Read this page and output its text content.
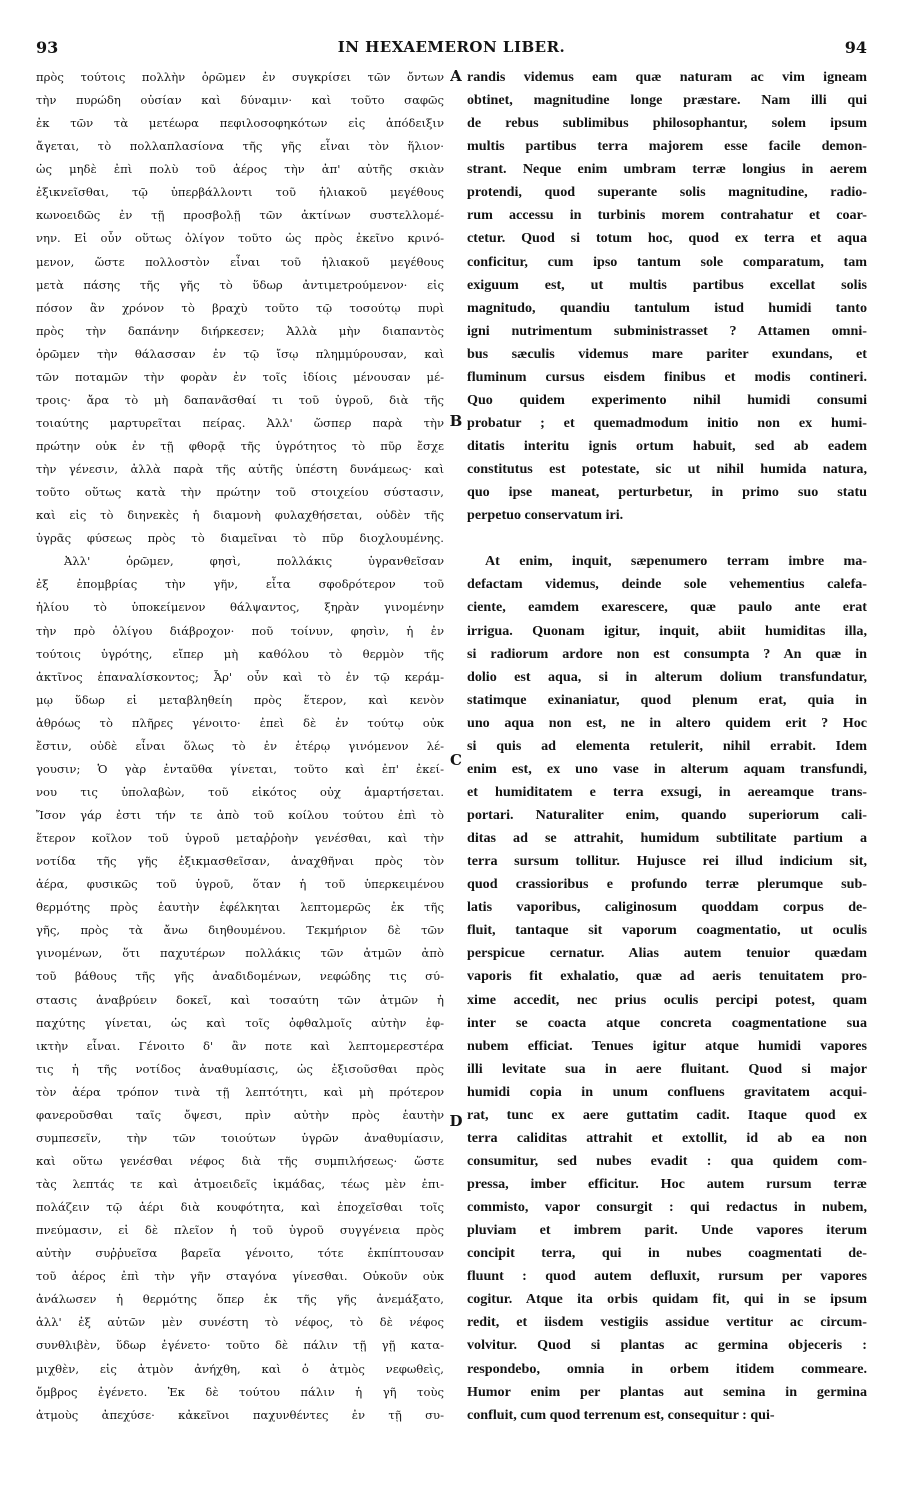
93	IN HEXAEMERON LIBER.	94
πρὸς τούτοις πολλὴν ὁρῶμεν ἐν συγκρίσει τῶν ὄντων
τὴν πυρώδη οὐσίαν καὶ δύναμιν· καὶ τοῦτο σαφῶς
ἐκ τῶν τὰ μετέωρα πεφιλοσοφηκότων εἰς ἀπόδειξιν
ἄγεται, τὸ πολλαπλασίονα τῆς γῆς εἶναι τὸν ἥλιον·
ὡς μηδὲ ἐπὶ πολὺ τοῦ ἀέρος τὴν ἀπ' αὐτῆς σκιὰν
ἐξικνεῖσθαι, τῷ ὑπερβάλλοντι τοῦ ἡλιακοῦ μεγέθους
κωνοειδῶς ἐν τῇ προσβολῇ τῶν ἀκτίνων συστελλομέ-
νην. Εἰ οὖν οὕτως ὀλίγον τοῦτο ὡς πρὸς ἐκεῖνο κρινό-
μενον, ὥστε πολλοστὸν εἶναι τοῦ ἡλιακοῦ μεγέθους
μετὰ πάσης τῆς γῆς τὸ ὕδωρ ἀντιμετρούμενον· εἰς
πόσον ἂν χρόνον τὸ βραχὺ τοῦτο τῷ τοσούτῳ πυρὶ
πρὸς τὴν δαπάνην διήρκεσεν; Ἀλλὰ μὴν διαπαντὸς
ὁρῶμεν τὴν θάλασσαν ἐν τῷ ἴσῳ πλημμύρουσαν, καὶ
τῶν ποταμῶν τὴν φορὰν ἐν τοῖς ἰδίοις μένουσαν μέ-
τροις· ἄρα τὸ μὴ δαπανᾶσθαί τι τοῦ ὑγροῦ, διὰ τῆς
τοιαύτης μαρτυρεῖται πείρας. Ἀλλ' ὥσπερ παρὰ τὴν
πρώτην οὐκ ἐν τῇ φθορᾷ τῆς ὑγρότητος τὸ πῦρ ἔσχε
τὴν γένεσιν, ἀλλὰ παρὰ τῆς αὐτῆς ὑπέστη δυνάμεως· καὶ
τοῦτο οὕτως κατὰ τὴν πρώτην τοῦ στοιχείου σύστασιν,
καὶ εἰς τὸ διηνεκὲς ἡ διαμονὴ φυλαχθήσεται, οὐδὲν τῆς
ὑγρᾶς φύσεως πρὸς τὸ διαμεῖναι τὸ πῦρ διοχλουμένης.
Ἀλλ' ὁρῶμεν, φησὶ, πολλάκις ὑγρανθεῖσαν
ἐξ ἐπομβρίας τὴν γῆν, εἶτα σφοδρότερον τοῦ
ἡλίου τὸ ὑποκείμενον θάλψαντος, ξηρὰν γινομένην
τὴν πρὸ ὀλίγου διάβροχον· ποῦ τοίνυν, φησὶν, ἡ ἐν
τούτοις ὑγρότης, εἴπερ μὴ καθόλου τὸ θερμὸν τῆς
ἀκτῖνος ἐπαναλίσκοντος; Ἆρ' οὖν καὶ τὸ ἐν τῷ κεράμ-
μῳ ὕδωρ εἰ μεταβληθείη πρὸς ἕτερον, καὶ κενὸν
ἀθρόως τὸ πλῆρες γένοιτο· ἐπεὶ δὲ ἐν τούτῳ οὐκ
ἔστιν, οὐδὲ εἶναι ὅλως τὸ ἐν ἑτέρῳ γινόμενον λέ-
γουσιν; Ὁ γὰρ ἐνταῦθα γίνεται, τοῦτο καὶ ἐπ' ἐκεί-
νου τις ὑπολαβὼν, τοῦ εἰκότος οὐχ ἁμαρτήσεται.
Ἴσον γάρ ἐστι τήν τε ἀπὸ τοῦ κοίλου τούτου ἐπὶ τὸ
ἕτερον κοῖλον τοῦ ὑγροῦ μεταῤῥοὴν γενέσθαι, καὶ τὴν
νοτίδα τῆς γῆς ἐξικμασθεῖσαν, ἀναχθῆναι πρὸς τὸν
ἀέρα, φυσικῶς τοῦ ὑγροῦ, ὅταν ἡ τοῦ ὑπερκειμένου
θερμότης πρὸς ἑαυτὴν ἐφέλκηται λεπτομερῶς ἐκ τῆς
γῆς, πρὸς τὰ ἄνω διηθουμένου. Τεκμήριον δὲ τῶν
γινομένων, ὅτι παχυτέρων πολλάκις τῶν ἀτμῶν ἀπὸ
τοῦ βάθους τῆς γῆς ἀναδιδομένων, νεφώδης τις σύ-
στασις ἀναβρύειν δοκεῖ, καὶ τοσαύτη τῶν ἀτμῶν ἡ
παχύτης γίνεται, ὡς καὶ τοῖς ὀφθαλμοῖς αὐτὴν ἐφ-
ικτὴν εἶναι. Γένοιτο δ' ἂν ποτε καὶ λεπτομερεστέρα
τις ἡ τῆς νοτίδος ἀναθυμίασις, ὡς ἐξισοῦσθαι πρὸς
τὸν ἀέρα τρόπον τινὰ τῇ λεπτότητι, καὶ μὴ πρότερον
φανεροῦσθαι ταῖς ὄψεσι, πρὶν αὐτὴν πρὸς ἑαυτὴν
συμπεσεῖν, τὴν τῶν τοιούτων ὑγρῶν ἀναθυμίασιν,
καὶ οὕτω γενέσθαι νέφος διὰ τῆς συμπιλήσεως· ὥστε
τὰς λεπτάς τε καὶ ἀτμοειδεῖς ἰκμάδας, τέως μὲν ἐπι-
πολάζειν τῷ ἀέρι διὰ κουφότητα, καὶ ἐποχεῖσθαι τοῖς
πνεύμασιν, εἰ δὲ πλεῖον ἡ τοῦ ὑγροῦ συγγένεια πρὸς
αὐτὴν συῤῥυεῖσα βαρεῖα γένοιτο, τότε ἐκπίπτουσαν
τοῦ ἀέρος ἐπὶ τὴν γῆν σταγόνα γίνεσθαι. Οὐκοῦν οὐκ
ἀνάλωσεν ἡ θερμότης ὅπερ ἐκ τῆς γῆς ἀνεμάξατο,
ἀλλ' ἐξ αὐτῶν μὲν συνέστη τὸ νέφος, τὸ δὲ νέφος
συνθλιβὲν, ὕδωρ ἐγένετο· τοῦτο δὲ πάλιν τῇ γῇ κατα-
μιχθὲν, εἰς ἀτμὸν ἀνήχθη, καὶ ὁ ἀτμὸς νεφωθεὶς,
ὄμβρος ἐγένετο. Ἐκ δὲ τούτου πάλιν ἡ γῆ τοὺς
ἀτμοὺς ἀπεχύσε· κἀκεῖνοι παχυνθέντες ἐν τῇ συ-
randis videmus eam quæ naturam ac vim igneam
obtinet, magnitudine longe præstare. Nam illi qui
de rebus sublimibus philosophantur, solem ipsum
multis partibus terra majorem esse facile demon-
strant. Neque enim umbram terræ longius in aerem
protendi, quod superante solis magnitudine, radio-
rum accessu in turbinis morem contrahatur et coar-
ctetur. Quod si totum hoc, quod ex terra et aqua
conficitur, cum ipso tantum sole comparatum, tam
exiguum est, ut multis partibus excellat solis
magnitudo, quandiu tantulum istud humidi tanto
igni nutrimentum subministrasset ? Attamen omni-
bus sæculis videmus mare pariter exundans, et
fluminum cursus eisdem finibus et modis contineri.
Quo quidem experimento nihil humidi consumi
probatur ; et quemadmodum initio non ex humi-
ditatis interitu ignis ortum habuit, sed ab eadem
constitutus est potestate, sic ut nihil humida natura,
quo ipse maneat, perturbetur, in primo suo statu
perpetuo conservatum iri.
At enim, inquit, sæpenumero terram imbre ma-
defactam videmus, deinde sole vehementius calefa-
ciente, eamdem exarescere, quæ paulo ante erat
irrigua. Quonam igitur, inquit, abiit humiditas illa,
si radiorum ardore non est consumpta ? An quæ in
dolio est aqua, si in alterum dolium transfundatur,
statimque exinaniatur, quod plenum erat, quia in
uno aqua non est, ne in altero quidem erit ? Hoc
si quis ad elementa retulerit, nihil errabit. Idem
enim est, ex uno vase in alterum aquam transfundi,
et humiditatem e terra exsugi, in aereamque trans-
portari. Naturaliter enim, quando superiorum cali-
ditas ad se attrahit, humidum subtilitate partium a
terra sursum tollitur. Hujusce rei illud indicium sit,
quod crassioribus e profundo terræ plerumque sub-
latis vaporibus, caliginosum quoddam corpus de-
fluit, tantaque sit vaporum coagmentatio, ut oculis
perspicue cernatur. Alias autem tenuior quædam
vaporis fit exhalatio, quæ ad aeris tenuitatem pro-
xime accedit, nec prius oculis percipi potest, quam
inter se coacta atque concreta coagmentatione sua
nubem efficiat. Tenues igitur atque humidi vapores
illi levitate sua in aere fluitant. Quod si major
humidi copia in unum confluens gravitatem acqui-
rat, tunc ex aere guttatim cadit. Itaque quod ex
terra caliditas attrahit et extollit, id ab ea non
consumitur, sed nubes evadit : qua quidem com-
pressa, imber efficitur. Hoc autem rursum terræ
commisto, vapor consurgit : qui redactus in nubem,
pluviam et imbrem parit. Unde vapores iterum
concipit terra, qui in nubes coagmentati de-
fluunt : quod autem defluxit, rursum per vapores
cogitur. Atque ita orbis quidam fit, qui in se ipsum
redit, et iisdem vestigiis assidue vertitur ac circum-
volvitur. Quod si plantas ac germina objeceris :
respondebo, omnia in orbem itidem commeare.
Humor enim per plantas aut semina in germina
confluit, cum quod terrenum est, consequitur : qui-
A
B
C
D
